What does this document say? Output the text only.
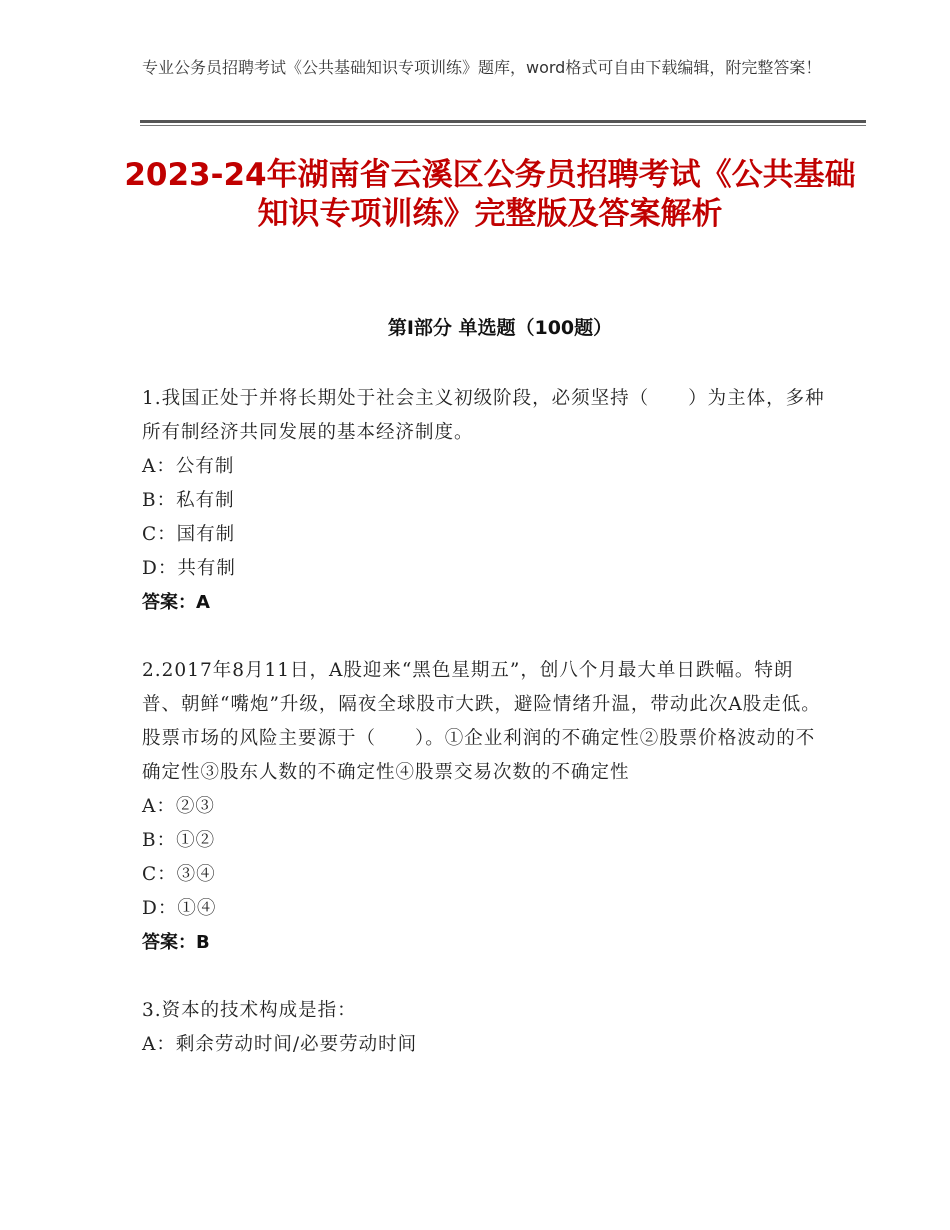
专业公务员招聘考试《公共基础知识专项训练》题库，word格式可自由下载编辑，附完整答案！
2023-24年湖南省云溪区公务员招聘考试《公共基础知识专项训练》完整版及答案解析
第Ⅰ部分 单选题（100题）
1.我国正处于并将长期处于社会主义初级阶段，必须坚持（　　）为主体，多种所有制经济共同发展的基本经济制度。
A：公有制
B：私有制
C：国有制
D：共有制
答案：A
2.2017年8月11日，A股迎来“黑色星期五”，创八个月最大单日跌幅。特朗普、朝鲜“嘴炮”升级，隔夜全球股市大跌，避险情绪升温，带动此次A股走低。股票市场的风险主要源于（　　）。①企业利润的不确定性②股票价格波动的不确定性③股东人数的不确定性④股票交易次数的不确定性
A：②③
B：①②
C：③④
D：①④
答案：B
3.资本的技术构成是指：
A：剩余劳动时间/必要劳动时间
